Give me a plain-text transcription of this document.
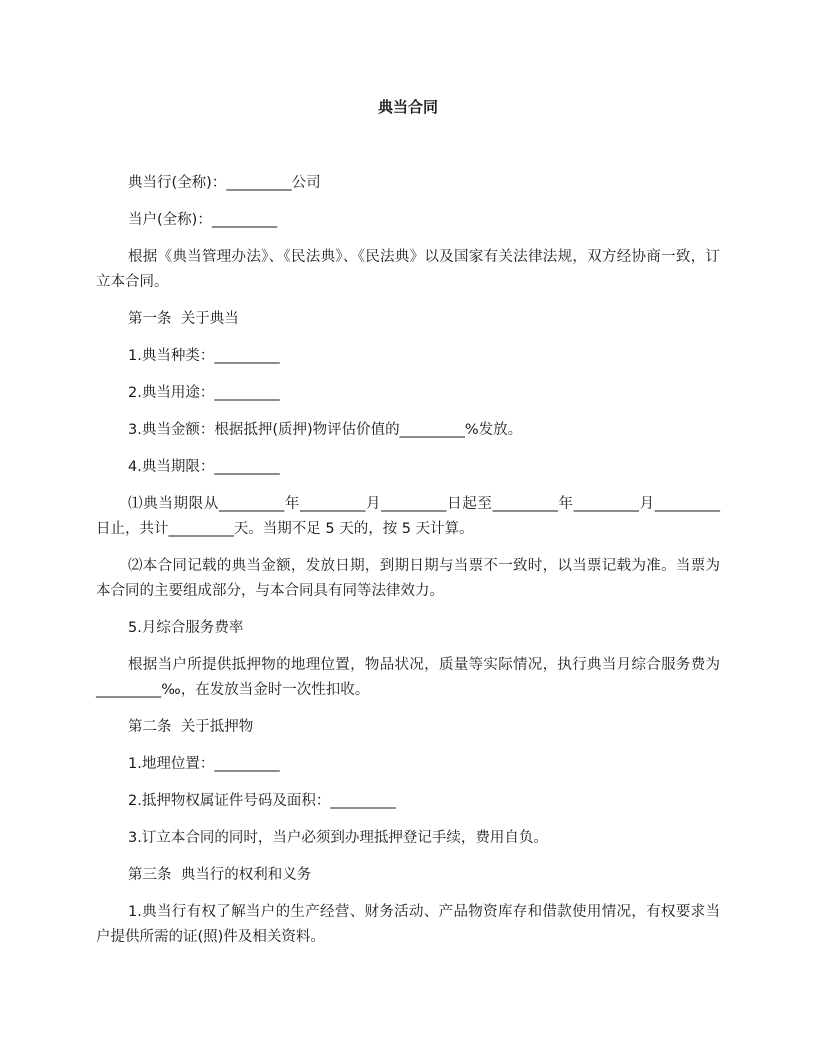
典当合同

典当行(全称)：_________公司

当户(全称)：_________

根据《典当管理办法》、《民法典》、《民法典》以及国家有关法律法规，双方经协商一致，订立本合同。

第一条  关于典当

1.典当种类：_________

2.典当用途：_________

3.典当金额：根据抵押(质押)物评估价值的_________%发放。

4.典当期限：_________

⑴典当期限从_________年_________月_________日起至_________年_________月_________日止，共计_________天。当期不足 5 天的，按 5 天计算。

⑵本合同记载的典当金额，发放日期，到期日期与当票不一致时，以当票记载为准。当票为本合同的主要组成部分，与本合同具有同等法律效力。

5.月综合服务费率

根据当户所提供抵押物的地理位置，物品状况，质量等实际情况，执行典当月综合服务费为_________‰，在发放当金时一次性扣收。

第二条  关于抵押物

1.地理位置：_________

2.抵押物权属证件号码及面积：_________

3.订立本合同的同时，当户必须到办理抵押登记手续，费用自负。

第三条  典当行的权利和义务

1.典当行有权了解当户的生产经营、财务活动、产品物资库存和借款使用情况，有权要求当户提供所需的证(照)件及相关资料。
